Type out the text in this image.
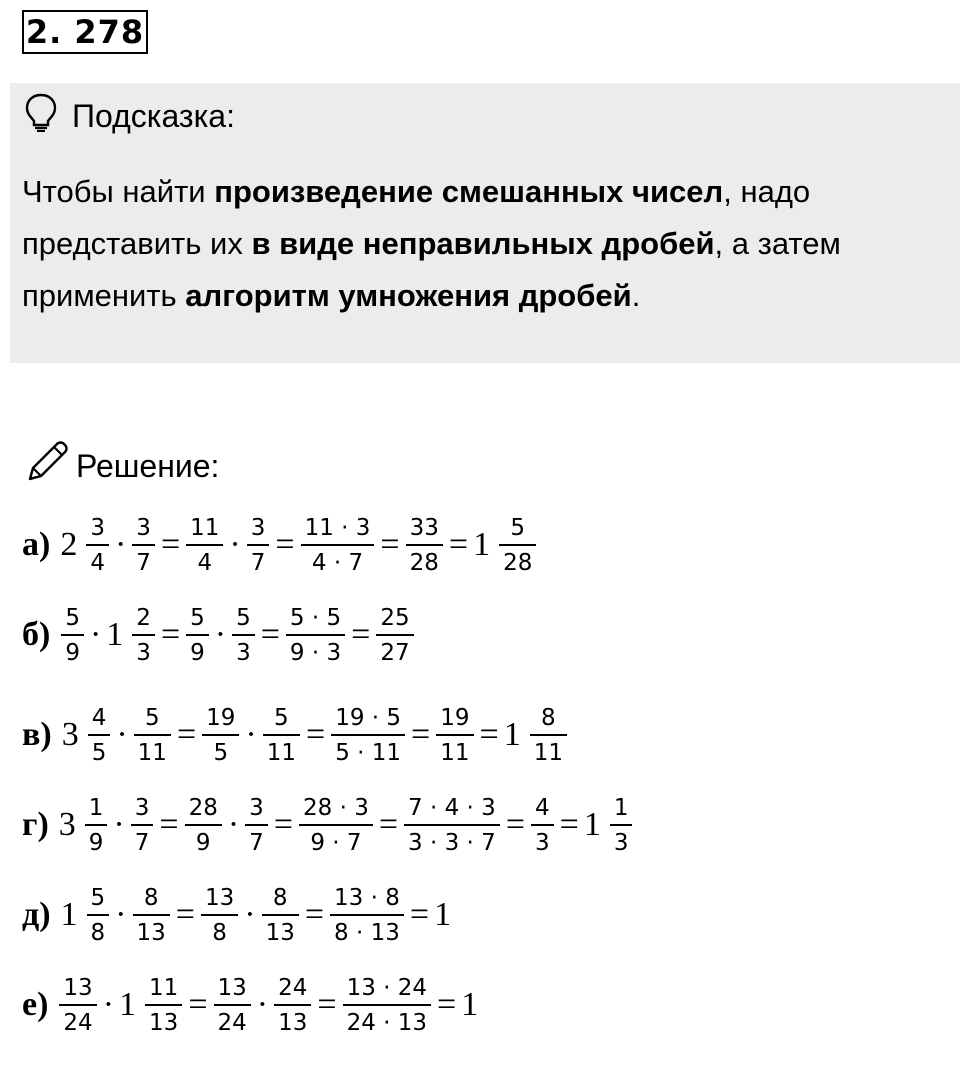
2. 278
Подсказка:
Чтобы найти произведение смешанных чисел, надо
представить их в виде неправильных дробей, а затем
применить алгоритм умножения дробей.
Решение:
а) $2 \frac{3}{4} \cdot \frac{3}{7} = \frac{11}{4} \cdot \frac{3}{7} = \frac{11 \cdot 3}{4 \cdot 7} = \frac{33}{28} = 1 \frac{5}{28}$
$б) \frac{5}{9} \cdot 1 \frac{2}{3} = \frac{5}{9} \cdot \frac{5}{3} = \frac{5 \cdot 5}{9 \cdot 3} = \frac{25}{27}$
в) $3 \frac{4}{5} \cdot \frac{5}{11} = \frac{19}{5} \cdot \frac{5}{11} = \frac{19 \cdot 5}{5 \cdot 11} = \frac{19}{11} = 1 \frac{8}{11}$
г) $3 \frac{1}{9} \cdot \frac{3}{7} = \frac{28}{9} \cdot \frac{3}{7} = \frac{28 \cdot 3}{9 \cdot 7} = \frac{7 \cdot 4 \cdot 3}{3 \cdot 3 \cdot 7} = \frac{4}{3} = 1 \frac{1}{3}$
д) $1 \frac{5}{8} \cdot \frac{8}{13} = \frac{13}{8} \cdot \frac{8}{13} = \frac{13 \cdot 8}{8 \cdot 13} = 1$
$е) \frac{13}{24} \cdot 1 \frac{11}{13} = \frac{13}{24} \cdot \frac{24}{13} = \frac{13 \cdot 24}{24 \cdot 13} = 1$
